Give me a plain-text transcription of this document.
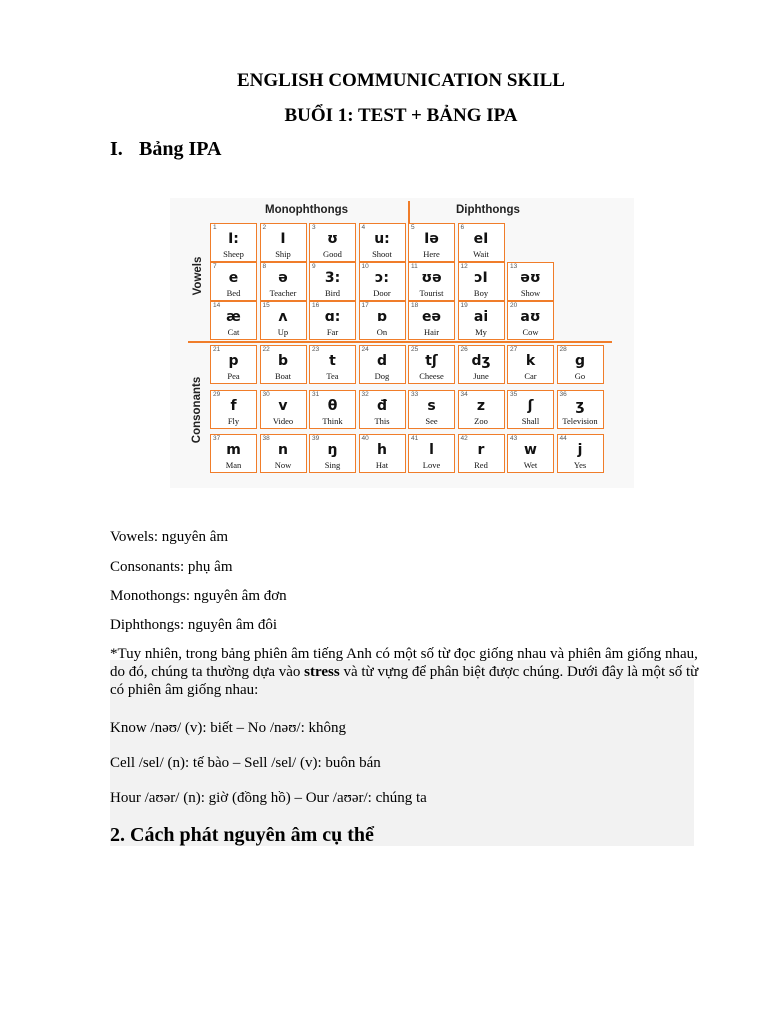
ENGLISH COMMUNICATION SKILL
BUỔI 1: TEST + BẢNG IPA
I. Bảng IPA
Monophthongs	Diphthongs
Vowels
Consonants
1
I:
Sheep
2
I
Ship
3
ʊ
Good
4
u:
Shoot
5
Iə
Here
6
eI
Wait
7
e
Bed
8
ə
Teacher
9
3:
Bird
10
ɔ:
Door
11
ʊə
Tourist
12
ɔI
Boy
13
əʊ
Show
14
æ
Cat
15
ʌ
Up
16
ɑ:
Far
17
ɒ
On
18
eə
Hair
19
ai
My
20
aʊ
Cow
21
p
Pea
22
b
Boat
23
t
Tea
24
d
Dog
25
tʃ
Cheese
26
dʒ
June
27
k
Car
28
g
Go
29
f
Fly
30
v
Video
31
θ
Think
32
đ
This
33
s
See
34
z
Zoo
35
ʃ
Shall
36
ʒ
Television
37
m
Man
38
n
Now
39
ŋ
Sing
40
h
Hat
41
l
Love
42
r
Red
43
w
Wet
44
j
Yes
Vowels: nguyên âm
Consonants: phụ âm
Monothongs: nguyên âm đơn
Diphthongs: nguyên âm đôi
*Tuy nhiên, trong bảng phiên âm tiếng Anh có một số từ đọc giống nhau và phiên âm giống nhau, do đó, chúng ta thường dựa vào stress và từ vựng để phân biệt được chúng. Dưới đây là một số từ có phiên âm giống nhau:
Know /nəʊ/ (v): biết – No /nəʊ/: không
Cell /sel/ (n): tế bào – Sell /sel/ (v): buôn bán
Hour /aʊər/ (n): giờ (đồng hồ) – Our /aʊər/: chúng ta
2. Cách phát nguyên âm cụ thể
